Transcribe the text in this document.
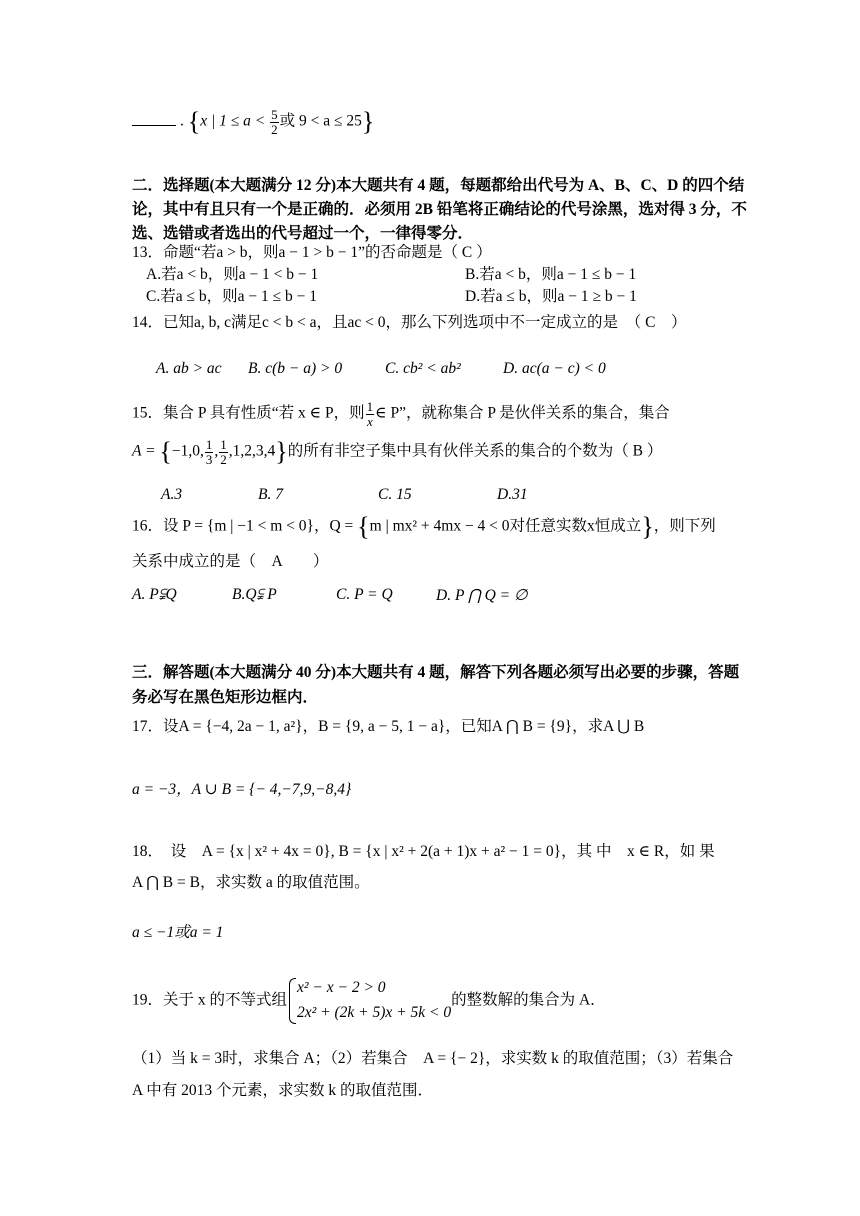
. {x | $1 \le a < \frac{5}{2}$ 或 9 < a ≤ 25}
二．选择题(本大题满分 12 分)本大题共有 4 题，每题都给出代号为 A、B、C、D 的四个结
论，其中有且只有一个是正确的．必须用 2B 铅笔将正确结论的代号涂黑，选对得 3 分，不
选、选错或者选出的代号超过一个，一律得零分．
13．命题“若a > b，则a − 1 > b − 1”的否命题是（ C ）
A.若a < b，则a − 1 < b − 1	B.若a < b，则a − 1 ≤ b − 1
C.若a ≤ b，则a − 1 ≤ b − 1	D.若a ≤ b，则a − 1 ≥ b − 1
14．已知a, b, c满足c < b < a，且ac < 0，那么下列选项中不一定成立的是　（ C　）
A. ab > ac B. c(b − a) > 0	C. cb² < ab²	D. ac(a − c) < 0
15．集合 P 具有性质“若 x ∈ P，则 $\frac{1}{x}$ ∈ P”，就称集合 P 是伙伴关系的集合，集合
A = {−1,0, $\frac{1}{3}$ , $\frac{1}{2} ,1,2,3,4$}的所有非空子集中具有伙伴关系的集合的个数为（ B ）
A.3	B. 7	C. 15	D.31
16．设 P = {m | −1 < m < 0}，Q = {m | mx² + 4mx − 4 < 0对任意实数x恒成立}，则下列
关系中成立的是（　A　　）
A. P⫋Q	B.Q⫋ P	C. P = Q	D. P ⋂ Q = ∅
三．解答题(本大题满分 40 分)本大题共有 4 题，解答下列各题必须写出必要的步骤，答题
务必写在黑色矩形边框内．
17．设A = {−4, 2a − 1, a²}，B = {9, a − 5, 1 − a}，已知A ⋂ B = {9}，求A ⋃ B
a = −3，A ∪ B = {− 4,−7,9,−8,4}
18．　设　A = {x | x² + 4x = 0}, B = {x | x² + 2(a + 1)x + a² − 1 = 0}，其 中　x ∈ R，如 果
A ⋂ B = B，求实数 a 的取值范围。
a ≤ −1或a = 1
19．关于 x 的不等式组
x² − x − 2 > 0
2x² + (2k + 5)x + 5k < 0
的整数解的集合为 A．
（1）当 k = 3时，求集合 A；（2）若集合　A = {− 2}，求实数 k 的取值范围；（3）若集合
A 中有 2013 个元素，求实数 k 的取值范围．
